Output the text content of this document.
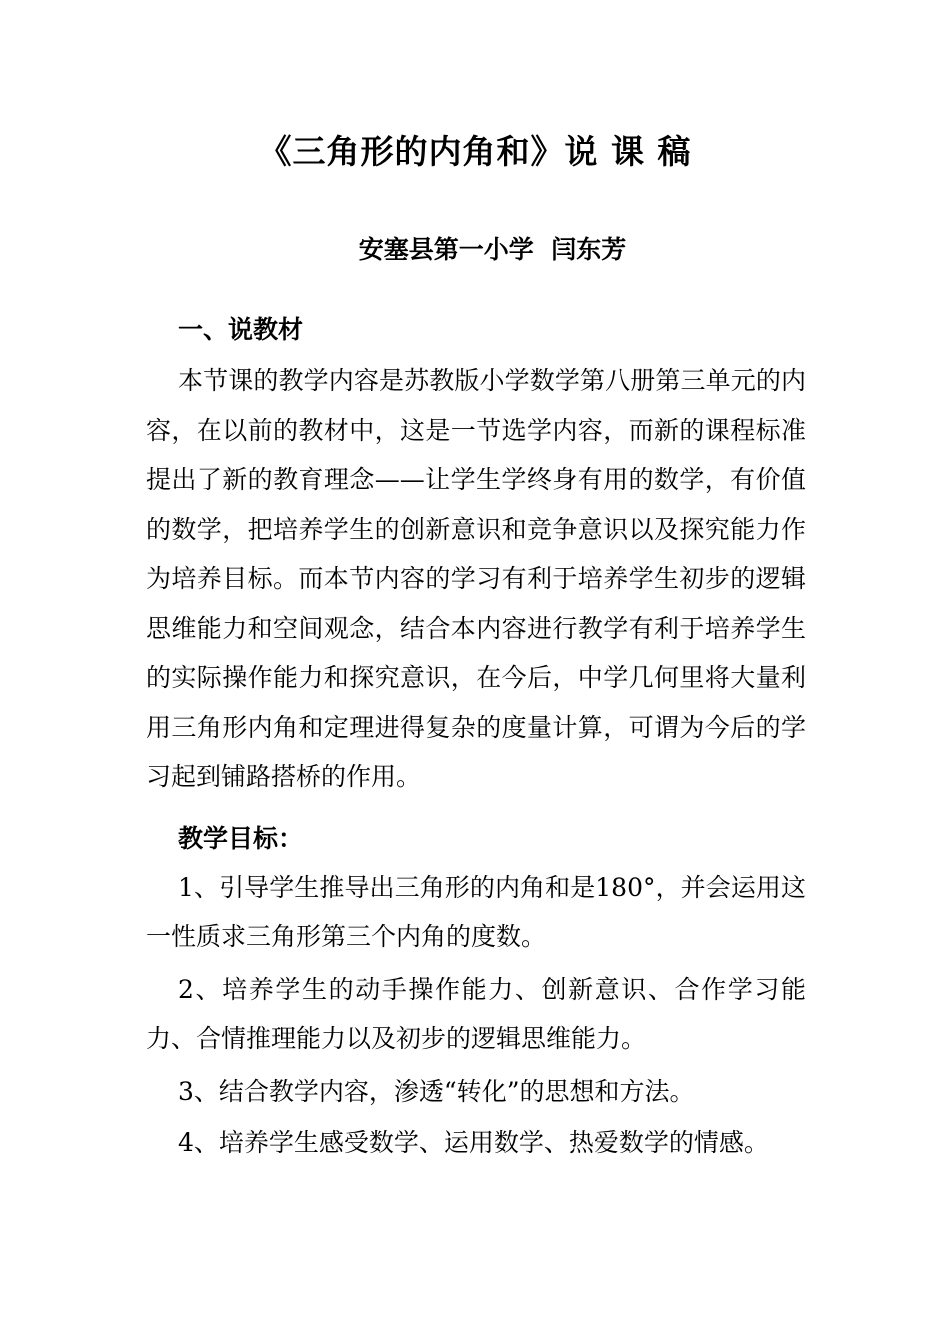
《三角形的内角和》说 课 稿
安塞县第一小学  闫东芳
一、说教材

本节课的教学内容是苏教版小学数学第八册第三单元的内容，在以前的教材中，这是一节选学内容，而新的课程标准提出了新的教育理念——让学生学终身有用的数学，有价值的数学，把培养学生的创新意识和竞争意识以及探究能力作为培养目标。而本节内容的学习有利于培养学生初步的逻辑思维能力和空间观念，结合本内容进行教学有利于培养学生的实际操作能力和探究意识，在今后，中学几何里将大量利用三角形内角和定理进得复杂的度量计算，可谓为今后的学习起到铺路搭桥的作用。

教学目标：

1、引导学生推导出三角形的内角和是180°，并会运用这一性质求三角形第三个内角的度数。

2、培养学生的动手操作能力、创新意识、合作学习能力、合情推理能力以及初步的逻辑思维能力。

3、结合教学内容，渗透“转化”的思想和方法。

4、培养学生感受数学、运用数学、热爱数学的情感。
